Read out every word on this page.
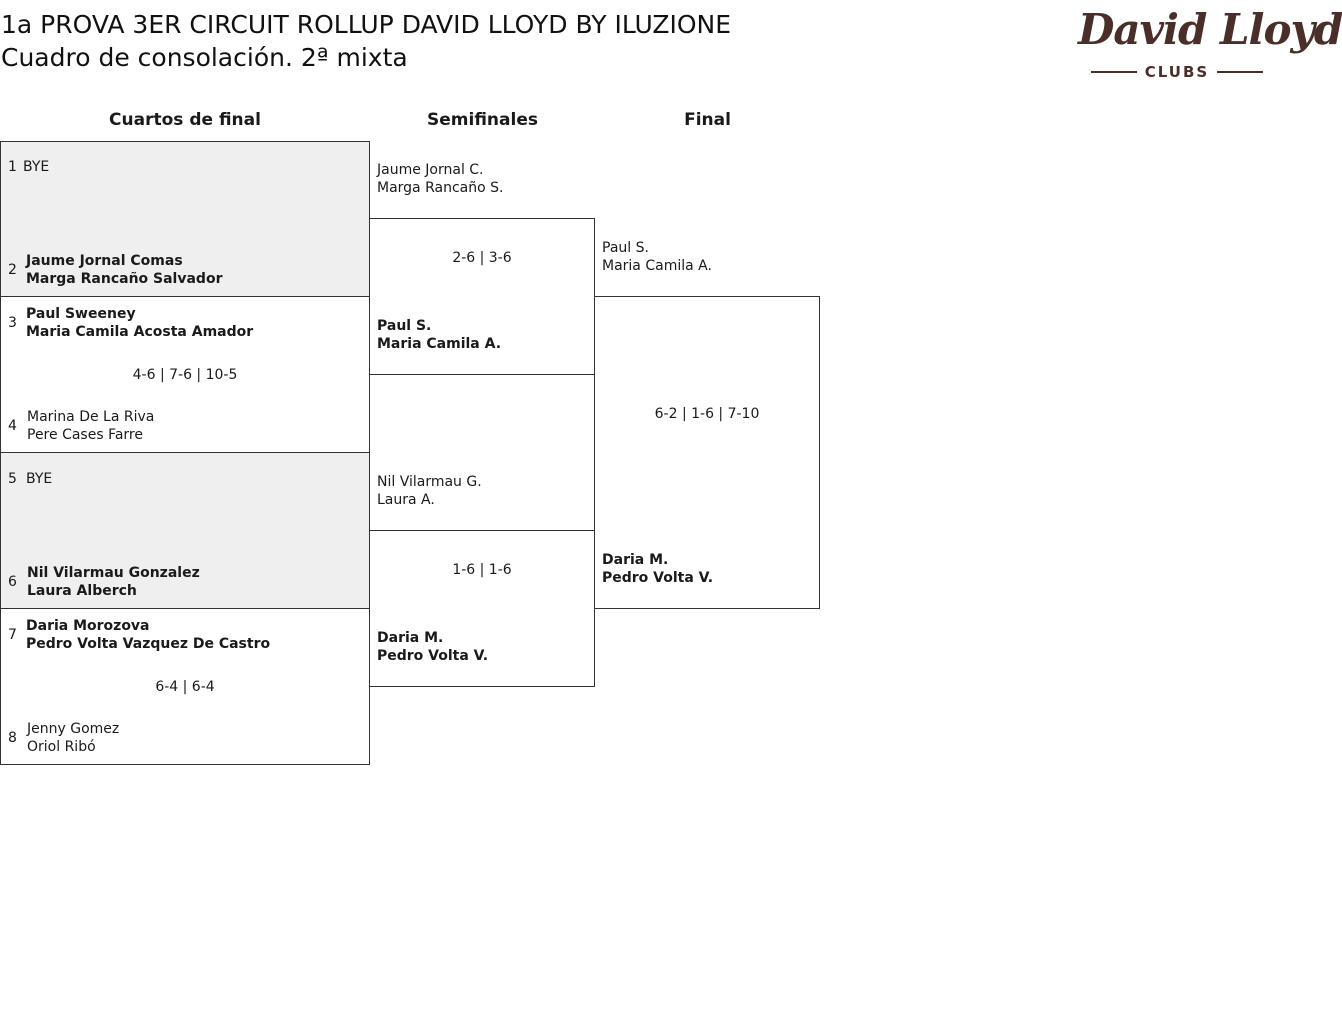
1a PROVA 3ER CIRCUIT ROLLUP DAVID LLOYD BY ILUZIONE
Cuadro de consolación. 2ª mixta
David Lloyd
CLUBS
Cuartos de final	Semifinales	Final
1 BYE
2
Jaume Jornal Comas
Marga Rancaño Salvador
3
Paul Sweeney
Maria Camila Acosta Amador
4-6 | 7-6 | 10-5
4
Marina De La Riva
Pere Cases Farre
5 BYE
6
Nil Vilarmau Gonzalez
Laura Alberch
7
Daria Morozova
Pedro Volta Vazquez De Castro
6-4 | 6-4
8
Jenny Gomez
Oriol Ribó
Jaume Jornal C.
Marga Rancaño S.
2-6 | 3-6
Paul S.
Maria Camila A.
Nil Vilarmau G.
Laura A.
1-6 | 1-6
Daria M.
Pedro Volta V.
Paul S.
Maria Camila A.
6-2 | 1-6 | 7-10
Daria M.
Pedro Volta V.
